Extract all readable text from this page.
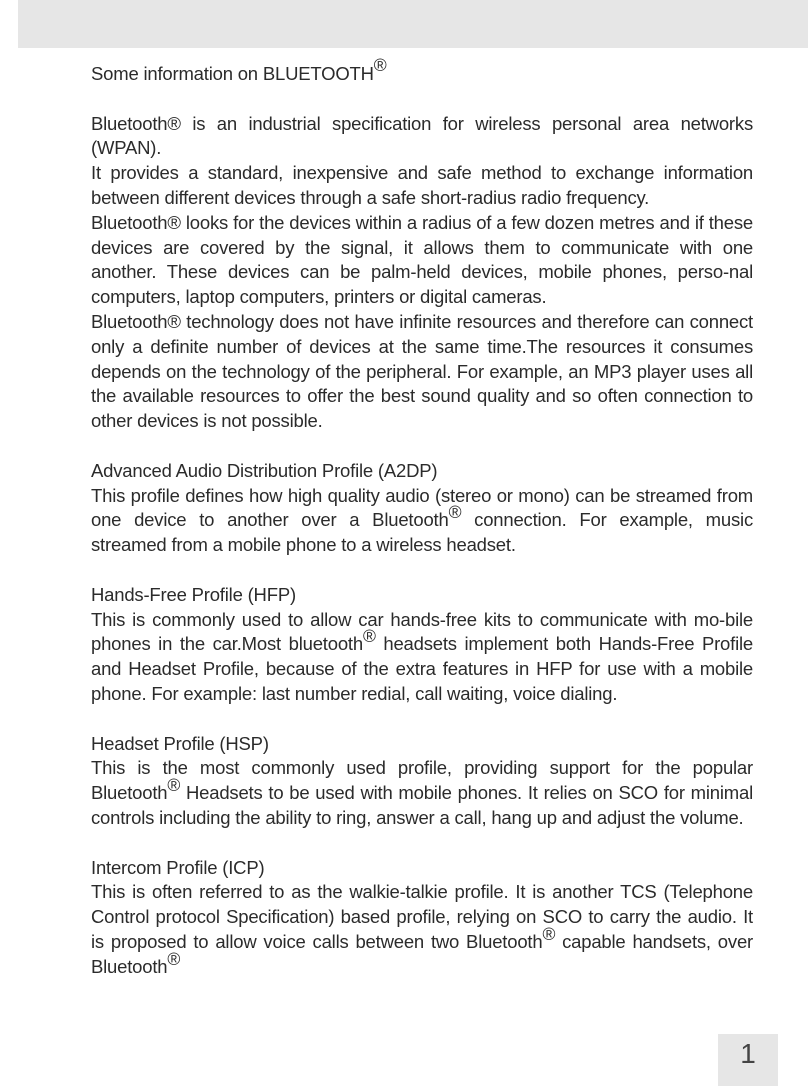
Some information on BLUETOOTH®

Bluetooth® is an industrial specification for wireless personal area networks (WPAN).

It provides a standard, inexpensive and safe method to exchange information between different devices through a safe short-radius radio frequency.

Bluetooth® looks for the devices within a radius of a few dozen metres and if these devices are covered by the signal, it allows them to communicate with one another. These devices can be palm-held devices, mobile phones, perso-nal computers, laptop computers, printers or digital cameras.

Bluetooth® technology does not have infinite resources and therefore can connect only a definite number of devices at the same time.The resources it consumes depends on the technology of the peripheral. For example, an MP3 player uses all the available resources to offer the best sound quality and so often connection to other devices is not possible.

Advanced Audio Distribution Profile (A2DP)

This profile defines how high quality audio (stereo or mono) can be streamed from one device to another over a Bluetooth® connection. For example, music streamed from a mobile phone to a wireless headset.

Hands-Free Profile (HFP)

This is commonly used to allow car hands-free kits to communicate with mo-bile phones in the car.Most bluetooth® headsets implement both Hands-Free Profile and Headset Profile, because of the extra features in HFP for use with a mobile phone. For example: last number redial, call waiting, voice dialing.

Headset Profile (HSP)

This is the most commonly used profile, providing support for the popular Bluetooth® Headsets to be used with mobile phones. It relies on SCO for minimal controls including the ability to ring, answer a call, hang up and adjust the volume.

Intercom Profile (ICP)

This is often referred to as the walkie-talkie profile. It is another TCS (Telephone Control protocol Specification) based profile, relying on SCO to carry the audio. It is proposed to allow voice calls between two Bluetooth® capable handsets, over Bluetooth®

1
